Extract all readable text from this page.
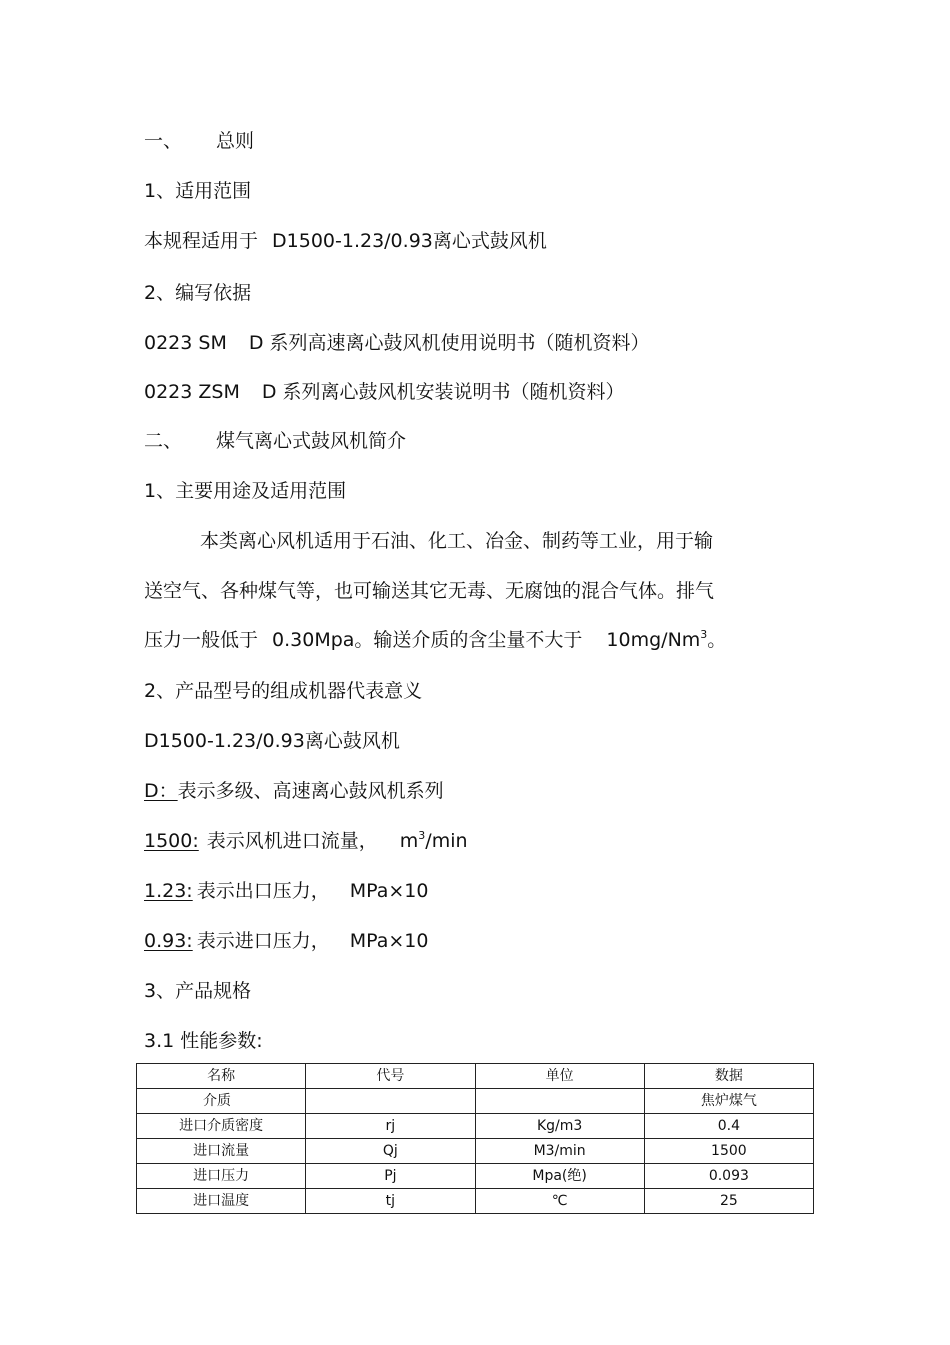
一、 总则
1、适用范围
本规程适用于 D1500-1.23/0.93离心式鼓风机
2、编写依据
0223 SM D 系列高速离心鼓风机使用说明书（随机资料）
0223 ZSM D 系列离心鼓风机安装说明书（随机资料）
二、 煤气离心式鼓风机简介
1、主要用途及适用范围
本类离心风机适用于石油、化工、冶金、制药等工业，用于输
送空气、各种煤气等，也可输送其它无毒、无腐蚀的混合气体。排气
压力一般低于 0.30Mpa。输送介质的含尘量不大于 10mg/Nm$^3$。
2、产品型号的组成机器代表意义
D1500-1.23/0.93离心鼓风机
D：表示多级、高速离心鼓风机系列
1500: 表示风机进口流量， $m^3/\min$
1.23: 表示出口压力， MPa×10
0.93: 表示进口压力， MPa×10
3、产品规格
3.1 性能参数:
名称	代号	单位	数据
介质			焦炉煤气
进口介质密度	rj	Kg/m3	0.4
进口流量	Qj	M3/min	1500
进口压力	Pj	Mpa(绝)	0.093
进口温度	tj	℃	25
